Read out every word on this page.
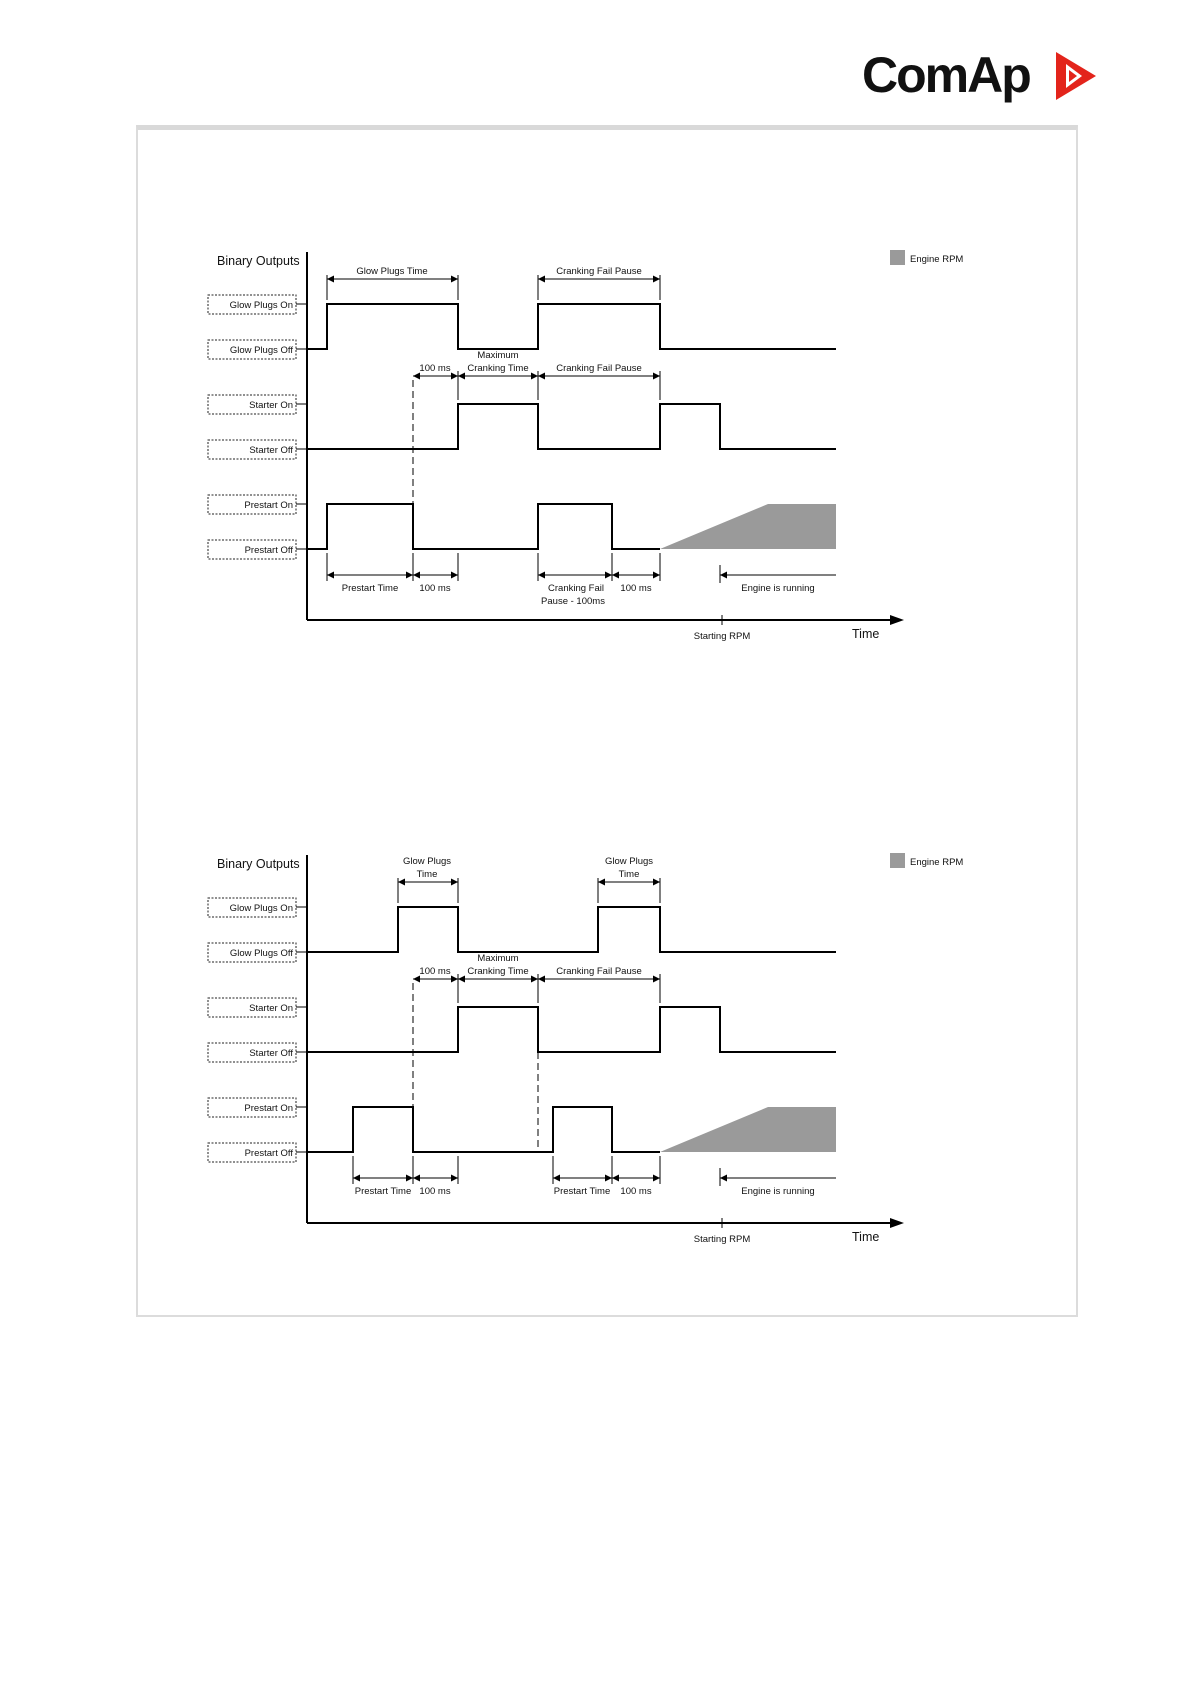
ComAp
Binary Outputs
Time
Starting RPM
Engine RPM
Glow Plugs On
Glow Plugs Off
Starter On
Starter Off
Prestart On
Prestart Off
Glow Plugs Time	Cranking Fail Pause
100 ms
Maximum
Cranking Time	Cranking Fail Pause
Prestart Time 100 ms	Cranking Fail
Pause - 100ms
100 ms	Engine is running
Binary Outputs
Time
Starting RPM
Engine RPM
Glow Plugs On
Glow Plugs Off
Starter On
Starter Off
Prestart On
Prestart Off
Glow Plugs
Time
Glow Plugs
Time
100 ms
Maximum
Cranking Time	Cranking Fail Pause
Prestart Time 100 ms	Prestart Time 100 ms	Engine is running
